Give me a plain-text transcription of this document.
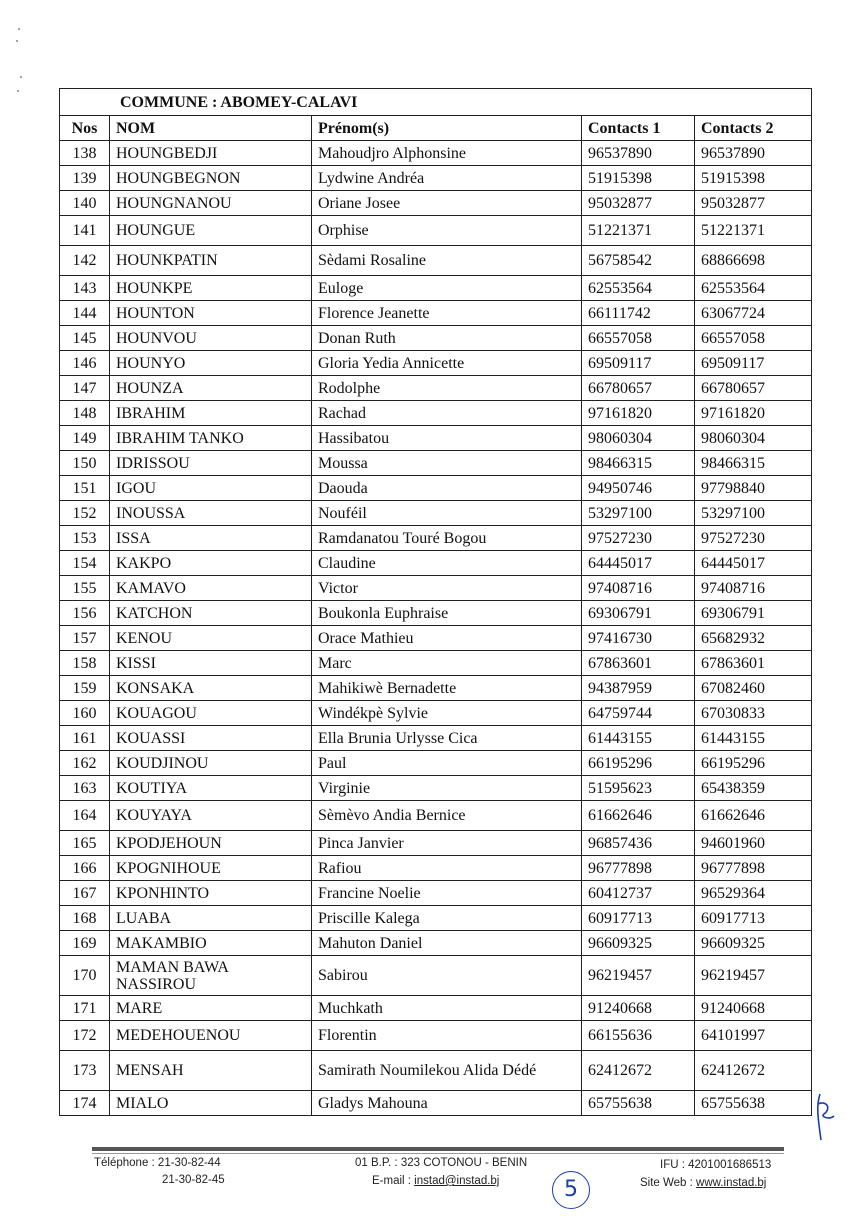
COMMUNE : ABOMEY-CALAVI				
Nos	NOM	Prénom(s)	Contacts 1	Contacts 2
138	HOUNGBEDJI	Mahoudjro Alphonsine	96537890	96537890
139	HOUNGBEGNON	Lydwine Andréa	51915398	51915398
140	HOUNGNANOU	Oriane Josee	95032877	95032877
141	HOUNGUE	Orphise	51221371	51221371
142	HOUNKPATIN	Sèdami Rosaline	56758542	68866698
143	HOUNKPE	Euloge	62553564	62553564
144	HOUNTON	Florence Jeanette	66111742	63067724
145	HOUNVOU	Donan Ruth	66557058	66557058
146	HOUNYO	Gloria Yedia Annicette	69509117	69509117
147	HOUNZA	Rodolphe	66780657	66780657
148	IBRAHIM	Rachad	97161820	97161820
149	IBRAHIM TANKO	Hassibatou	98060304	98060304
150	IDRISSOU	Moussa	98466315	98466315
151	IGOU	Daouda	94950746	97798840
152	INOUSSA	Nouféil	53297100	53297100
153	ISSA	Ramdanatou Touré Bogou	97527230	97527230
154	KAKPO	Claudine	64445017	64445017
155	KAMAVO	Victor	97408716	97408716
156	KATCHON	Boukonla Euphraise	69306791	69306791
157	KENOU	Orace Mathieu	97416730	65682932
158	KISSI	Marc	67863601	67863601
159	KONSAKA	Mahikiwè Bernadette	94387959	67082460
160	KOUAGOU	Windékpè Sylvie	64759744	67030833
161	KOUASSI	Ella Brunia Urlysse Cica	61443155	61443155
162	KOUDJINOU	Paul	66195296	66195296
163	KOUTIYA	Virginie	51595623	65438359
164	KOUYAYA	Sèmèvo Andia Bernice	61662646	61662646
165	KPODJEHOUN	Pinca Janvier	96857436	94601960
166	KPOGNIHOUE	Rafiou	96777898	96777898
167	KPONHINTO	Francine Noelie	60412737	96529364
168	LUABA	Priscille Kalega	60917713	60917713
169	MAKAMBIO	Mahuton Daniel	96609325	96609325
170	MAMAN BAWA NASSIROU	Sabirou	96219457	96219457
171	MARE	Muchkath	91240668	91240668
172	MEDEHOUENOU	Florentin	66155636	64101997
173	MENSAH	Samirath Noumilekou Alida Dédé	62412672	62412672
174	MIALO	Gladys Mahouna	65755638	65755638
Téléphone : 21-30-82-44
21-30-82-45
01 B.P. : 323 COTONOU - BENIN
E-mail : instad@instad.bj
IFU : 4201001686513
Site Web : www.instad.bj
5
